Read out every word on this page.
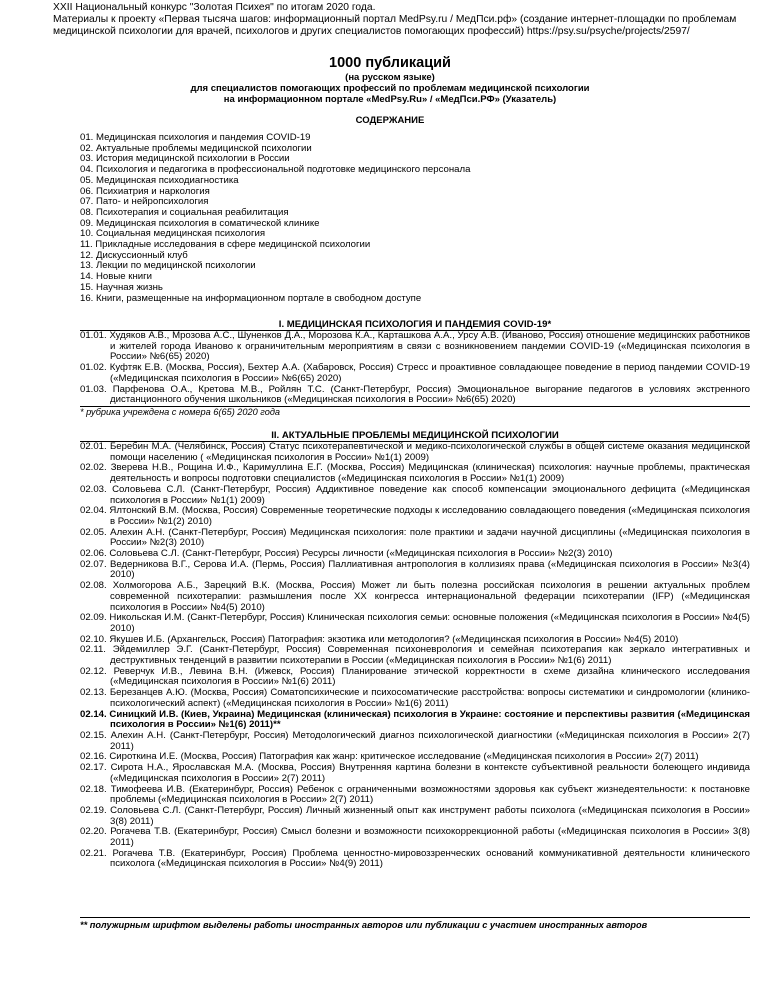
XXII Национальный конкурс "Золотая Психея" по итогам 2020 года.
Материалы к проекту «Первая тысяча шагов: информационный портал MedPsy.ru / МедПси.рф» (создание интернет-площадки по проблемам
медицинской психологии для врачей, психологов и других специалистов помогающих профессий) https://psy.su/psyche/projects/2597/
1000 публикаций
(на русском языке)
для специалистов помогающих профессий по проблемам медицинской психологии
на информационном портале «MedPsy.Ru» / «МедПси.РФ» (Указатель)
СОДЕРЖАНИЕ
01. Медицинская психология и пандемия COVID-19
02. Актуальные проблемы медицинской психологии
03. История медицинской психологии в России
04. Психология и педагогика в профессиональной подготовке медицинского персонала
05. Медицинская психодиагностика
06. Психиатрия и наркология
07. Пато- и нейропсихология
08. Психотерапия и социальная реабилитация
09. Медицинская психология в соматической клинике
10. Социальная медицинская психология
11. Прикладные исследования в сфере медицинской психологии
12. Дискуссионный клуб
13. Лекции по медицинской психологии
14. Новые книги
15. Научная жизнь
16. Книги, размещенные на информационном портале в свободном доступе
I. МЕДИЦИНСКАЯ ПСИХОЛОГИЯ И ПАНДЕМИЯ COVID-19*
01.01. Худяков А.В., Мрозова А.С., Шуненков Д.А., Морозова К.А., Карташкова А.А., Урсу А.В. (Иваново, Россия) отношение медицинских работников и жителей города Иваново к ограничительным мероприятиям в связи с возникновением пандемии COVID-19 («Медицинская психология в России» №6(65) 2020)
01.02. Куфтяк Е.В. (Москва, Россия), Бехтер А.А. (Хабаровск, Россия) Стресс и проактивное совладающее поведение в период пандемии COVID-19 («Медицинская психология в России» №6(65) 2020)
01.03. Парфенова О.А., Кретова М.В., Ройлян Т.С. (Санкт-Петербург, Россия) Эмоциональное выгорание педагогов в условиях экстренного дистанционного обучения школьников («Медицинская психология в России» №6(65) 2020)
* рубрика учреждена с номера 6(65) 2020 года
II. АКТУАЛЬНЫЕ ПРОБЛЕМЫ МЕДИЦИНСКОЙ ПСИХОЛОГИИ
02.01. Беребин М.А. (Челябинск, Россия) Статус психотерапевтической и медико-психологической службы в общей системе оказания медицинской помощи населению ( «Медицинская психология в России» №1(1) 2009)
02.02. Зверева Н.В., Рощина И.Ф., Каримуллина Е.Г. (Москва, Россия) Медицинская (клиническая) психология: научные проблемы, практическая деятельность и вопросы подготовки специалистов («Медицинская психология в России» №1(1) 2009)
02.03. Соловьева С.Л. (Санкт-Петербург, Россия) Аддиктивное поведение как способ компенсации эмоционального дефицита («Медицинская психология в России» №1(1) 2009)
02.04. Ялтонский В.М. (Москва, Россия) Современные теоретические подходы к исследованию совладающего поведения («Медицинская психология в России» №1(2) 2010)
02.05. Алехин А.Н. (Санкт-Петербург, Россия) Медицинская психология: поле практики и задачи научной дисциплины («Медицинская психология в России» №2(3) 2010)
02.06. Соловьева С.Л. (Санкт-Петербург, Россия) Ресурсы личности («Медицинская психология в России» №2(3) 2010)
02.07. Ведерникова В.Г., Серова И.А. (Пермь, Россия) Паллиативная антропология в коллизиях права («Медицинская психология в России» №3(4) 2010)
02.08. Холмогорова А.Б., Зарецкий В.К. (Москва, Россия) Может ли быть полезна российская психология в решении актуальных проблем современной психотерапии: размышления после XX конгресса интернациональной федерации психотерапии (IFP) («Медицинская психология в России» №4(5) 2010)
02.09. Никольская И.М. (Санкт-Петербург, Россия) Клиническая психология семьи: основные положения («Медицинская психология в России» №4(5) 2010)
02.10. Якушев И.Б. (Архангельск, Россия) Патография: экзотика или методология? («Медицинская психология в России» №4(5) 2010)
02.11. Эйдемиллер Э.Г. (Санкт-Петербург, Россия) Современная психоневрология и семейная психотерапия как зеркало интегративных и деструктивных тенденций в развитии психотерапии в России («Медицинская психология в России» №1(6) 2011)
02.12. Реверчук И.В., Левина В.Н. (Ижевск, Россия) Планирование этической корректности в схеме дизайна клинического исследования («Медицинская психология в России» №1(6) 2011)
02.13. Березанцев А.Ю. (Москва, Россия) Соматопсихические и психосоматические расстройства: вопросы систематики и синдромологии (клинико-психологический аспект) («Медицинская психология в России» №1(6) 2011)
02.14. Синицкий И.В. (Киев, Украина) Медицинская (клиническая) психология в Украине: состояние и перспективы развития («Медицинская психология в России» №1(6) 2011)**
02.15. Алехин А.Н. (Санкт-Петербург, Россия) Методологический диагноз психологической диагностики («Медицинская психология в России» 2(7) 2011)
02.16. Сироткина И.Е. (Москва, Россия) Патография как жанр: критическое исследование («Медицинская психология в России» 2(7) 2011)
02.17. Сирота Н.А., Ярославская М.А. (Москва, Россия) Внутренняя картина болезни в контексте субъективной реальности болеющего индивида («Медицинская психология в России» 2(7) 2011)
02.18. Тимофеева И.В. (Екатеринбург, Россия) Ребенок с ограниченными возможностями здоровья как субъект жизнедеятельности: к постановке проблемы («Медицинская психология в России» 2(7) 2011)
02.19. Соловьева С.Л. (Санкт-Петербург, Россия) Личный жизненный опыт как инструмент работы психолога («Медицинская психология в России» 3(8) 2011)
02.20. Рогачева Т.В. (Екатеринбург, Россия) Смысл болезни и возможности психокоррекционной работы («Медицинская психология в России» 3(8) 2011)
02.21. Рогачева Т.В. (Екатеринбург, Россия) Проблема ценностно-мировоззренческих оснований коммуникативной деятельности клинического психолога («Медицинская психология в России» №4(9) 2011)
** полужирным шрифтом выделены работы иностранных авторов или публикации с участием иностранных авторов
